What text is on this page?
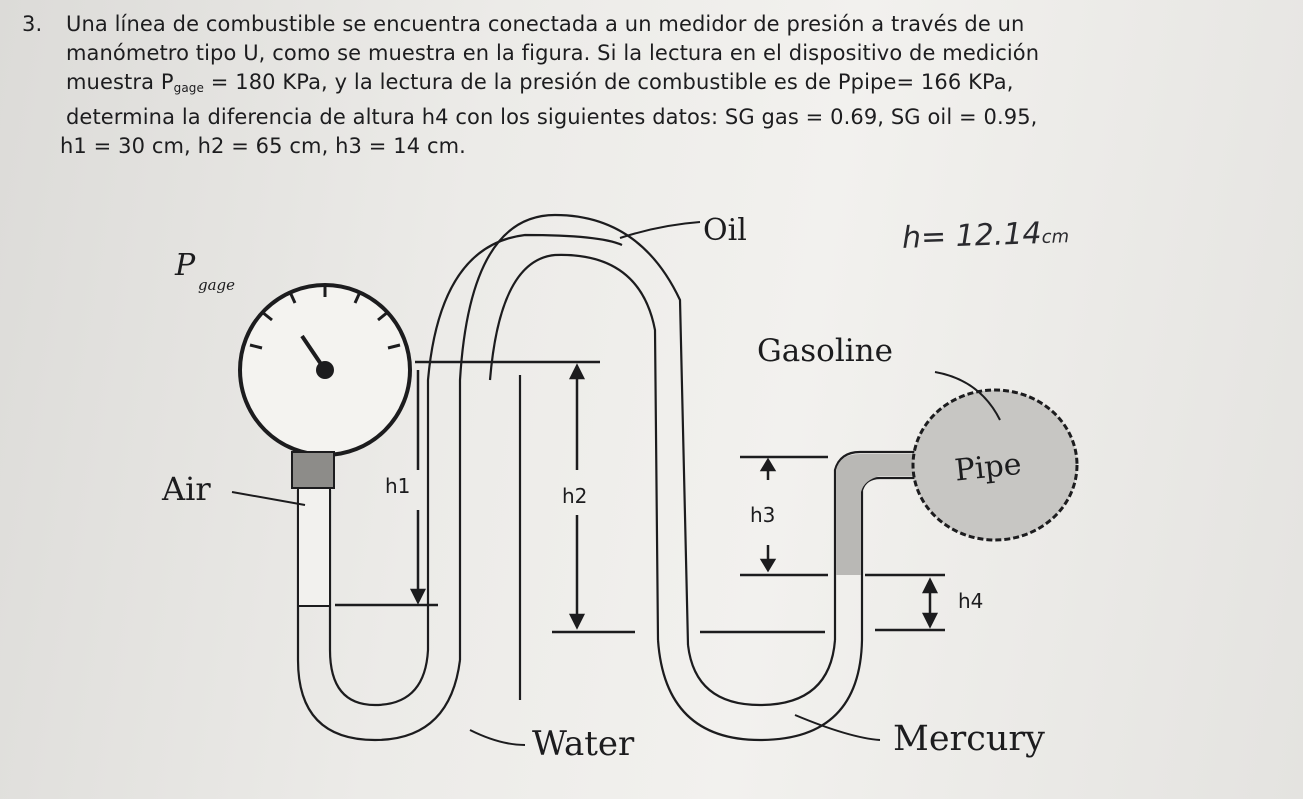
3. Una línea de combustible se encuentra conectada a un medidor de presión a través de un

manómetro tipo U, como se muestra en la figura. Si la lectura en el dispositivo de medición

muestra $P_{gage} = 180$ KPa, y la lectura de la presión de combustible es de Ppipe= 166 KPa,

determina la diferencia de altura h4 con los siguientes datos: SG gas = 0.69, SG oil = 0.95,

h1 = 30 cm, h2 = 65 cm, h3 = 14 cm.

h= 12.14cm
P
gage
Air
Oil
Gasoline
Pipe
Water	Mercury
h1	h2
h3
h4
